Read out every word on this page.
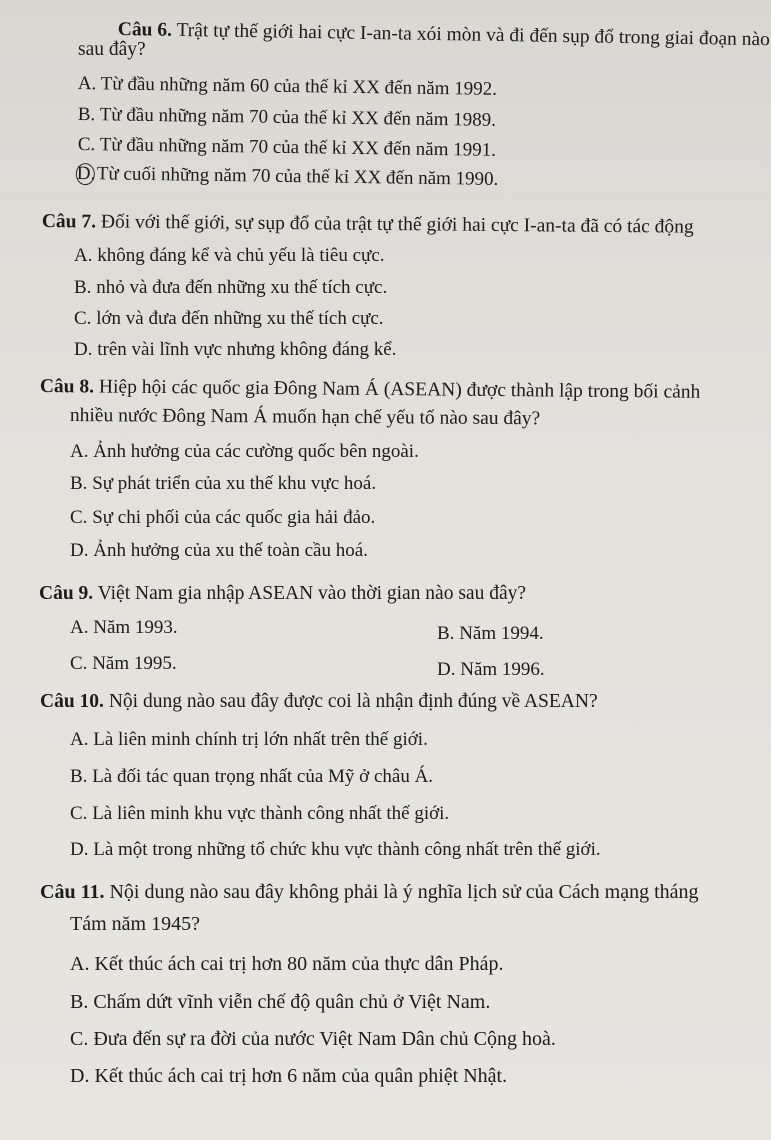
Câu 6. Trật tự thế giới hai cực I-an-ta xói mòn và đi đến sụp đổ trong giai đoạn nào
sau đây?
A. Từ đầu những năm 60 của thế kỉ XX đến năm 1992.
B. Từ đầu những năm 70 của thế kỉ XX đến năm 1989.
C. Từ đầu những năm 70 của thế kỉ XX đến năm 1991.
D.Từ cuối những năm 70 của thế kỉ XX đến năm 1990.
Câu 7. Đối với thế giới, sự sụp đổ của trật tự thế giới hai cực I-an-ta đã có tác động
A. không đáng kể và chủ yếu là tiêu cực.
B. nhỏ và đưa đến những xu thế tích cực.
C. lớn và đưa đến những xu thế tích cực.
D. trên vài lĩnh vực nhưng không đáng kể.
Câu 8. Hiệp hội các quốc gia Đông Nam Á (ASEAN) được thành lập trong bối cảnh
nhiều nước Đông Nam Á muốn hạn chế yếu tố nào sau đây?
A. Ảnh hưởng của các cường quốc bên ngoài.
B. Sự phát triển của xu thế khu vực hoá.
C. Sự chi phối của các quốc gia hải đảo.
D. Ảnh hưởng của xu thế toàn cầu hoá.
Câu 9. Việt Nam gia nhập ASEAN vào thời gian nào sau đây?
A. Năm 1993.	B. Năm 1994.
C. Năm 1995.	D. Năm 1996.
Câu 10. Nội dung nào sau đây được coi là nhận định đúng về ASEAN?
A. Là liên minh chính trị lớn nhất trên thế giới.
B. Là đối tác quan trọng nhất của Mỹ ở châu Á.
C. Là liên minh khu vực thành công nhất thế giới.
D. Là một trong những tổ chức khu vực thành công nhất trên thế giới.
Câu 11. Nội dung nào sau đây không phải là ý nghĩa lịch sử của Cách mạng tháng
Tám năm 1945?
A. Kết thúc ách cai trị hơn 80 năm của thực dân Pháp.
B. Chấm dứt vĩnh viễn chế độ quân chủ ở Việt Nam.
C. Đưa đến sự ra đời của nước Việt Nam Dân chủ Cộng hoà.
D. Kết thúc ách cai trị hơn 6 năm của quân phiệt Nhật.
